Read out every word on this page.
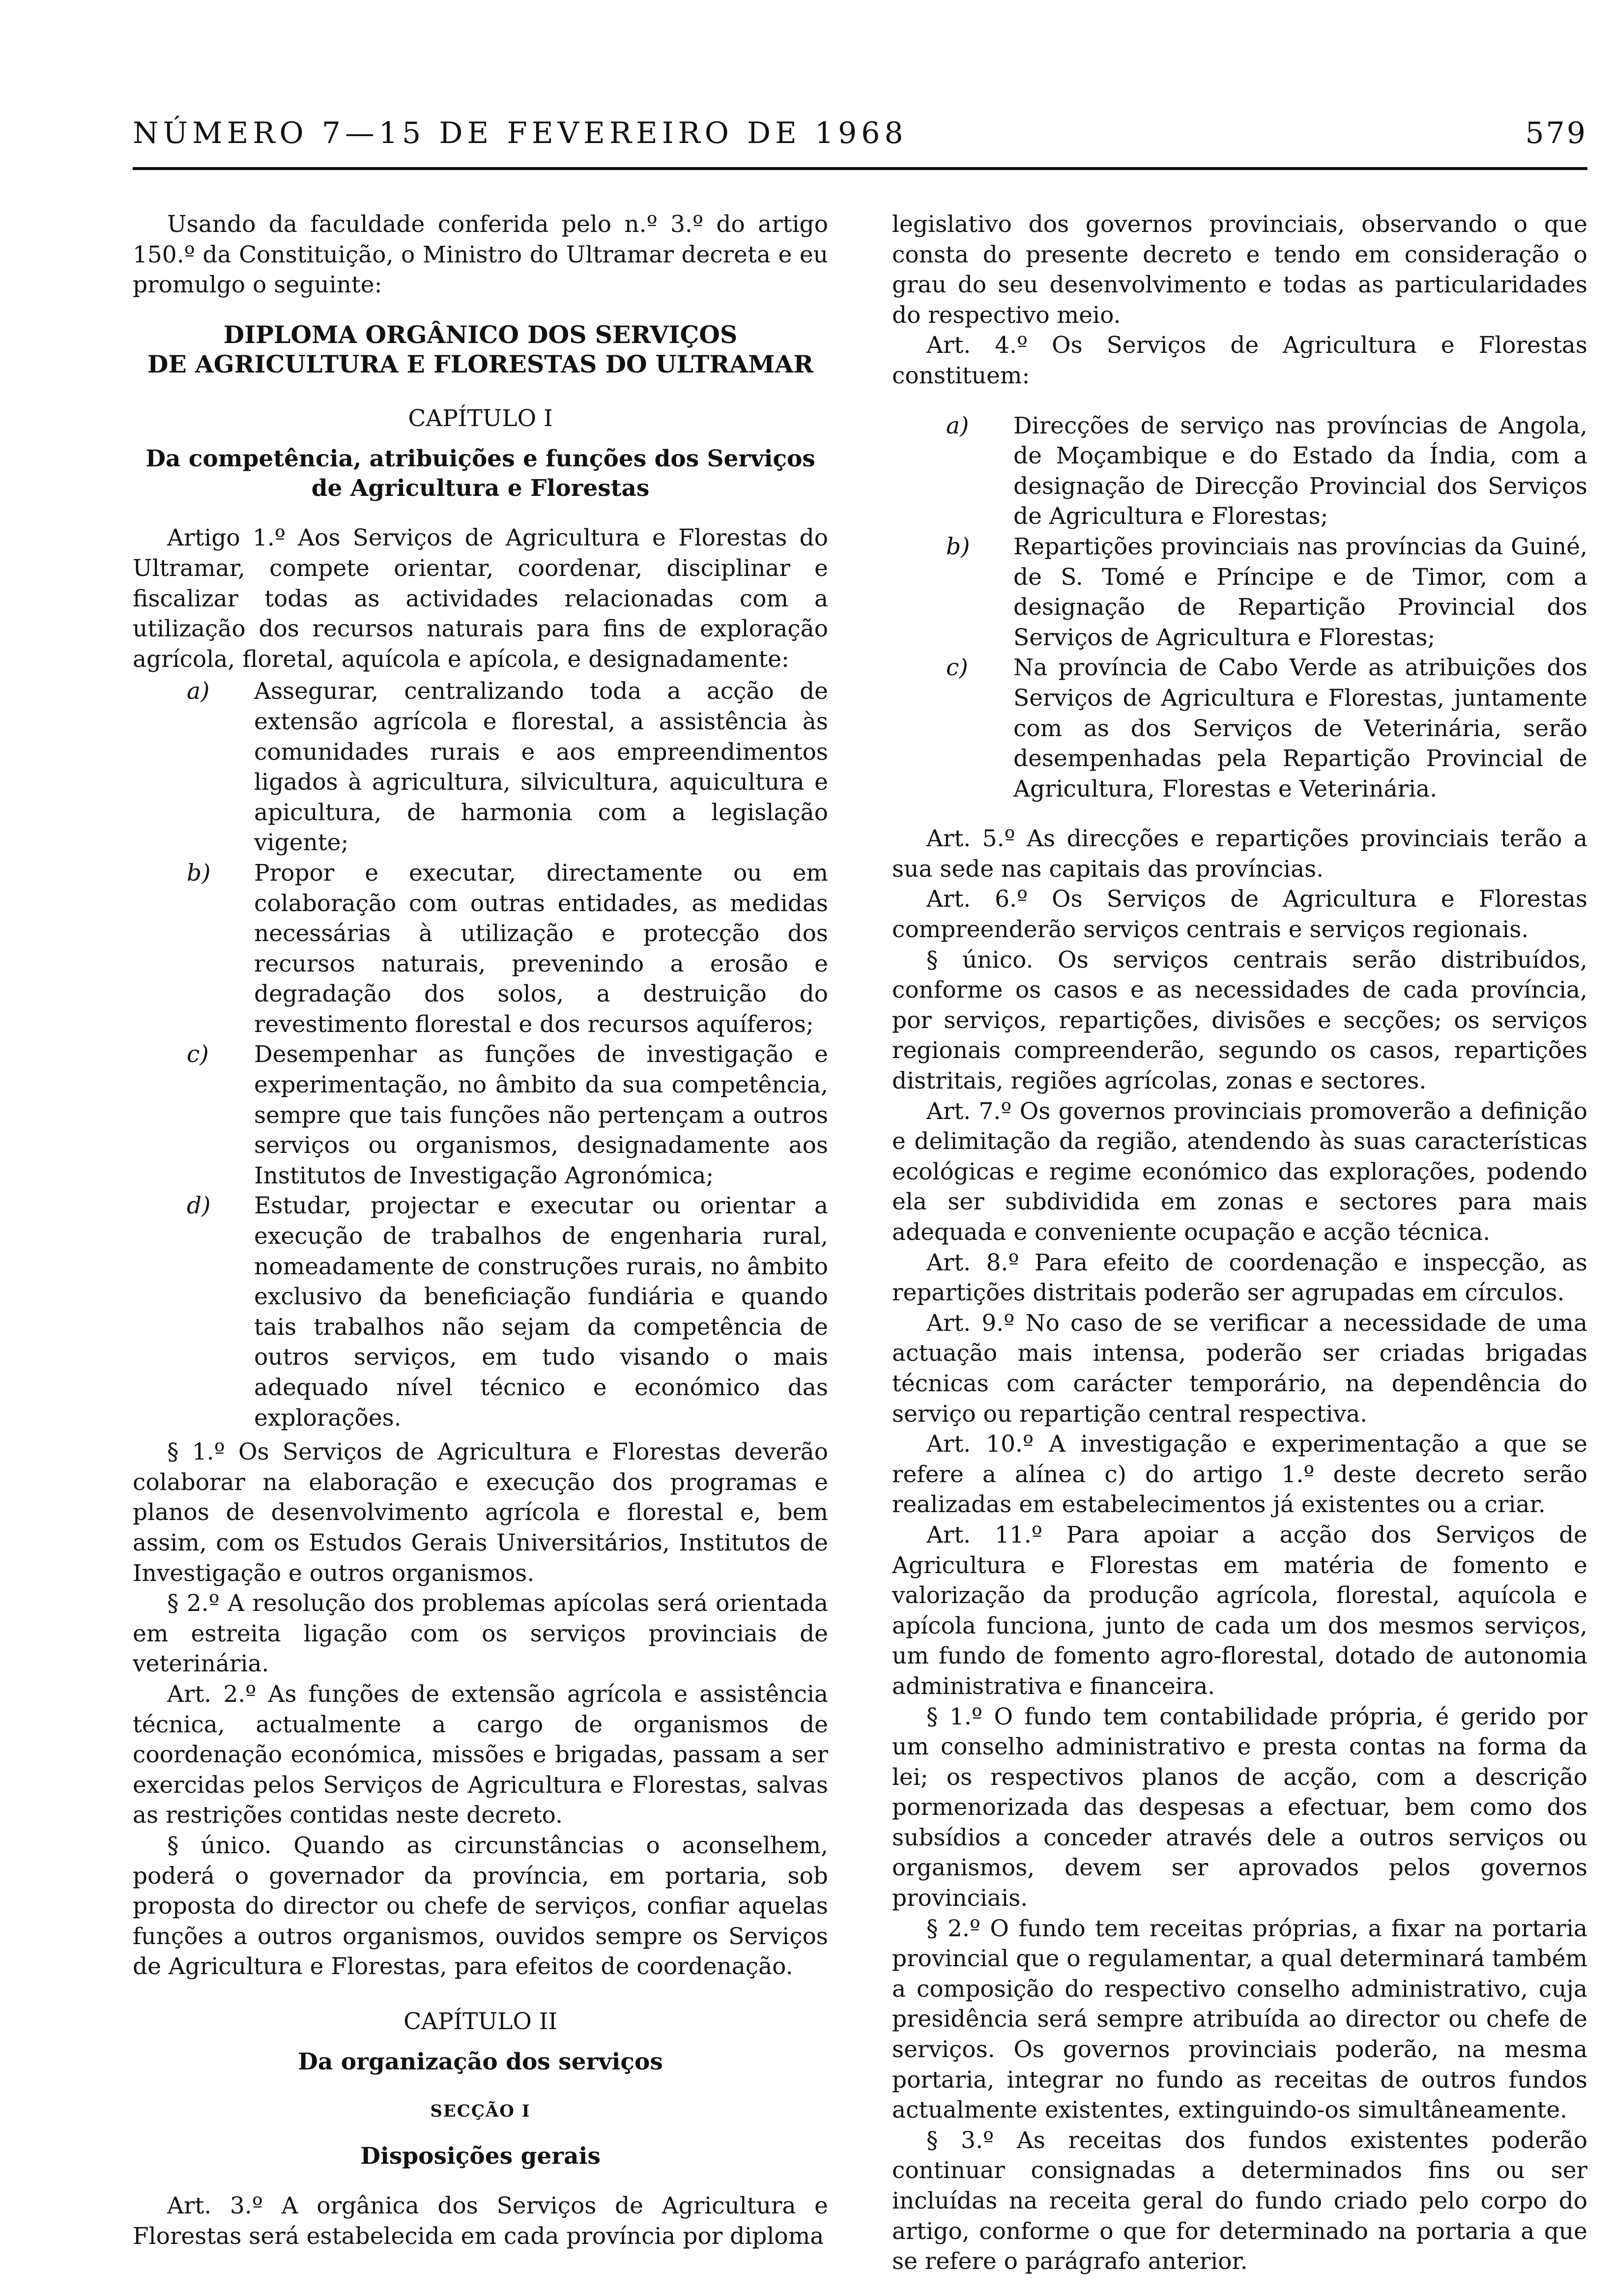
NÚMERO 7—15 DE FEVEREIRO DE 1968	579

Usando da faculdade conferida pelo n.º 3.º do artigo 150.º da Constituição, o Ministro do Ultramar decreta e eu promulgo o seguinte:

DIPLOMA ORGÂNICO DOS SERVIÇOS
DE AGRICULTURA E FLORESTAS DO ULTRAMAR
CAPÍTULO I
Da competência, atribuições e funções dos Serviços
de Agricultura e Florestas

Artigo 1.º Aos Serviços de Agricultura e Florestas do Ultramar, compete orientar, coordenar, disciplinar e fiscalizar todas as actividades relacionadas com a utilização dos recursos naturais para fins de exploração agrícola, floretal, aquícola e apícola, e designadamente:

a) Assegurar, centralizando toda a acção de extensão agrícola e florestal, a assistência às comunidades rurais e aos empreendimentos ligados à agricultura, silvicultura, aquicultura e apicultura, de harmonia com a legislação vigente;

b) Propor e executar, directamente ou em colaboração com outras entidades, as medidas necessárias à utilização e protecção dos recursos naturais, prevenindo a erosão e degradação dos solos, a destruição do revestimento florestal e dos recursos aquíferos;

c) Desempenhar as funções de investigação e experimentação, no âmbito da sua competência, sempre que tais funções não pertençam a outros serviços ou organismos, designadamente aos Institutos de Investigação Agronómica;

d) Estudar, projectar e executar ou orientar a execução de trabalhos de engenharia rural, nomeadamente de construções rurais, no âmbito exclusivo da beneficiação fundiária e quando tais trabalhos não sejam da competência de outros serviços, em tudo visando o mais adequado nível técnico e económico das explorações.

§ 1.º Os Serviços de Agricultura e Florestas deverão colaborar na elaboração e execução dos programas e planos de desenvolvimento agrícola e florestal e, bem assim, com os Estudos Gerais Universitários, Institutos de Investigação e outros organismos.

§ 2.º A resolução dos problemas apícolas será orientada em estreita ligação com os serviços provinciais de veterinária.

Art. 2.º As funções de extensão agrícola e assistência técnica, actualmente a cargo de organismos de coordenação económica, missões e brigadas, passam a ser exercidas pelos Serviços de Agricultura e Florestas, salvas as restrições contidas neste decreto.

§ único. Quando as circunstâncias o aconselhem, poderá o governador da província, em portaria, sob proposta do director ou chefe de serviços, confiar aquelas funções a outros organismos, ouvidos sempre os Serviços de Agricultura e Florestas, para efeitos de coordenação.

CAPÍTULO II
Da organização dos serviços
SECÇÃO I
Disposições gerais

Art. 3.º A orgânica dos Serviços de Agricultura e Florestas será estabelecida em cada província por diploma

legislativo dos governos provinciais, observando o que consta do presente decreto e tendo em consideração o grau do seu desenvolvimento e todas as particularidades do respectivo meio.

Art. 4.º Os Serviços de Agricultura e Florestas constituem:

a) Direcções de serviço nas províncias de Angola, de Moçambique e do Estado da Índia, com a designação de Direcção Provincial dos Serviços de Agricultura e Florestas;

b) Repartições provinciais nas províncias da Guiné, de S. Tomé e Príncipe e de Timor, com a designação de Repartição Provincial dos Serviços de Agricultura e Florestas;

c) Na província de Cabo Verde as atribuições dos Serviços de Agricultura e Florestas, juntamente com as dos Serviços de Veterinária, serão desempenhadas pela Repartição Provincial de Agricultura, Florestas e Veterinária.

Art. 5.º As direcções e repartições provinciais terão a sua sede nas capitais das províncias.

Art. 6.º Os Serviços de Agricultura e Florestas compreenderão serviços centrais e serviços regionais.

§ único. Os serviços centrais serão distribuídos, conforme os casos e as necessidades de cada província, por serviços, repartições, divisões e secções; os serviços regionais compreenderão, segundo os casos, repartições distritais, regiões agrícolas, zonas e sectores.

Art. 7.º Os governos provinciais promoverão a definição e delimitação da região, atendendo às suas características ecológicas e regime económico das explorações, podendo ela ser subdividida em zonas e sectores para mais adequada e conveniente ocupação e acção técnica.

Art. 8.º Para efeito de coordenação e inspecção, as repartições distritais poderão ser agrupadas em círculos.

Art. 9.º No caso de se verificar a necessidade de uma actuação mais intensa, poderão ser criadas brigadas técnicas com carácter temporário, na dependência do serviço ou repartição central respectiva.

Art. 10.º A investigação e experimentação a que se refere a alínea c) do artigo 1.º deste decreto serão realizadas em estabelecimentos já existentes ou a criar.

Art. 11.º Para apoiar a acção dos Serviços de Agricultura e Florestas em matéria de fomento e valorização da produção agrícola, florestal, aquícola e apícola funciona, junto de cada um dos mesmos serviços, um fundo de fomento agro-florestal, dotado de autonomia administrativa e financeira.

§ 1.º O fundo tem contabilidade própria, é gerido por um conselho administrativo e presta contas na forma da lei; os respectivos planos de acção, com a descrição pormenorizada das despesas a efectuar, bem como dos subsídios a conceder através dele a outros serviços ou organismos, devem ser aprovados pelos governos provinciais.

§ 2.º O fundo tem receitas próprias, a fixar na portaria provincial que o regulamentar, a qual determinará também a composição do respectivo conselho administrativo, cuja presidência será sempre atribuída ao director ou chefe de serviços. Os governos provinciais poderão, na mesma portaria, integrar no fundo as receitas de outros fundos actualmente existentes, extinguindo-os simultâneamente.

§ 3.º As receitas dos fundos existentes poderão continuar consignadas a determinados fins ou ser incluídas na receita geral do fundo criado pelo corpo do artigo, conforme o que for determinado na portaria a que se refere o parágrafo anterior.
